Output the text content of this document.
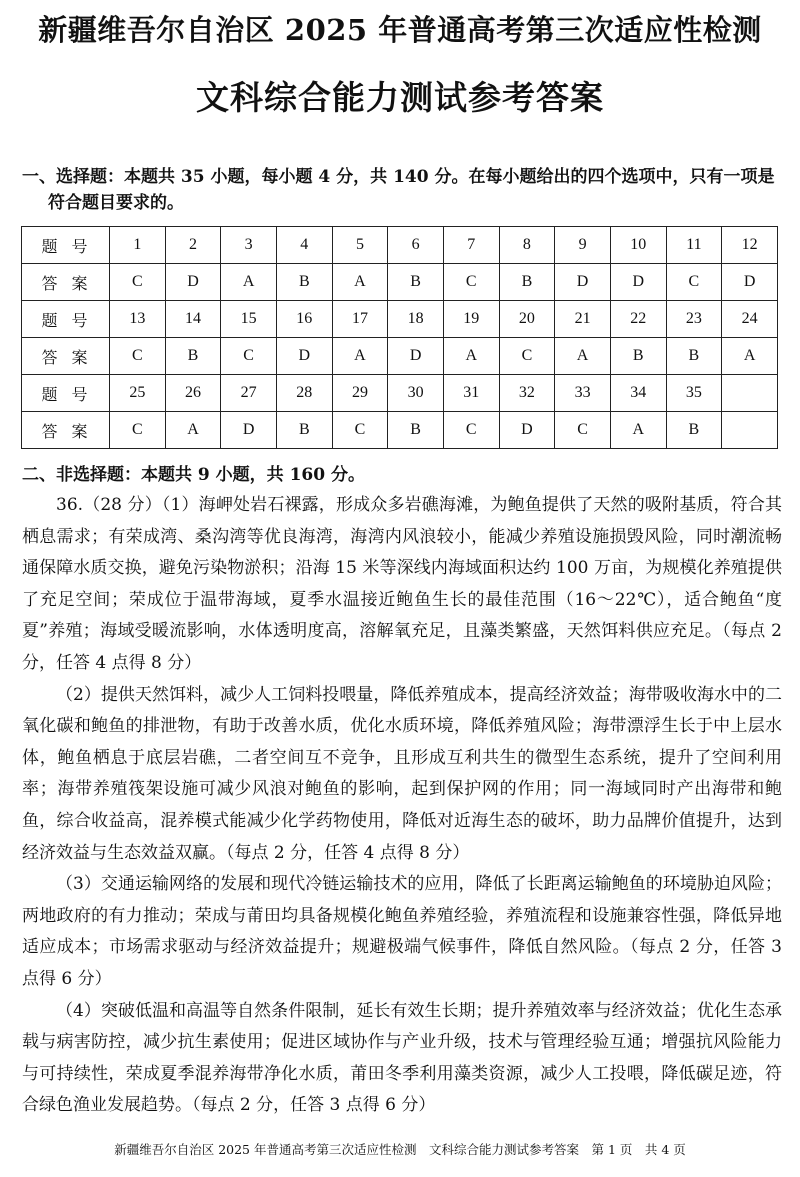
新疆维吾尔自治区 2025 年普通高考第三次适应性检测
文科综合能力测试参考答案
一、选择题：本题共 35 小题，每小题 4 分，共 140 分。在每小题给出的四个选项中，只有一项是
符合题目要求的。
题号	1	2	3	4	5	6	7	8	9	10	11	12
答案	C	D	A	B	A	B	C	B	D	D	C	D
题号	13	14	15	16	17	18	19	20	21	22	23	24
答案	C	B	C	D	A	D	A	C	A	B	B	A
题号	25	26	27	28	29	30	31	32	33	34	35	
答案	C	A	D	B	C	B	C	D	C	A	B	
二、非选择题：本题共 9 小题，共 160 分。

36.（28 分）（1）海岬处岩石裸露，形成众多岩礁海滩，为鲍鱼提供了天然的吸附基质，符合其栖息需求；有荣成湾、桑沟湾等优良海湾，海湾内风浪较小，能减少养殖设施损毁风险，同时潮流畅通保障水质交换，避免污染物淤积；沿海 15 米等深线内海域面积达约 100 万亩，为规模化养殖提供了充足空间；荣成位于温带海域，夏季水温接近鲍鱼生长的最佳范围（16～22℃），适合鲍鱼“度夏”养殖；海域受暖流影响，水体透明度高，溶解氧充足，且藻类繁盛，天然饵料供应充足。（每点 2 分，任答 4 点得 8 分）

（2）提供天然饵料，减少人工饲料投喂量，降低养殖成本，提高经济效益；海带吸收海水中的二氧化碳和鲍鱼的排泄物，有助于改善水质，优化水质环境，降低养殖风险；海带漂浮生长于中上层水体，鲍鱼栖息于底层岩礁，二者空间互不竞争，且形成互利共生的微型生态系统，提升了空间利用率；海带养殖筏架设施可减少风浪对鲍鱼的影响，起到保护网的作用；同一海域同时产出海带和鲍鱼，综合收益高，混养模式能减少化学药物使用，降低对近海生态的破坏，助力品牌价值提升，达到经济效益与生态效益双赢。（每点 2 分，任答 4 点得 8 分）

（3）交通运输网络的发展和现代冷链运输技术的应用，降低了长距离运输鲍鱼的环境胁迫风险；两地政府的有力推动；荣成与莆田均具备规模化鲍鱼养殖经验，养殖流程和设施兼容性强，降低异地适应成本；市场需求驱动与经济效益提升；规避极端气候事件，降低自然风险。（每点 2 分，任答 3 点得 6 分）

（4）突破低温和高温等自然条件限制，延长有效生长期；提升养殖效率与经济效益；优化生态承载与病害防控，减少抗生素使用；促进区域协作与产业升级，技术与管理经验互通；增强抗风险能力与可持续性，荣成夏季混养海带净化水质，莆田冬季利用藻类资源，减少人工投喂，降低碳足迹，符合绿色渔业发展趋势。（每点 2 分，任答 3 点得 6 分）

新疆维吾尔自治区 2025 年普通高考第三次适应性检测　文科综合能力测试参考答案　第 1 页　共 4 页
